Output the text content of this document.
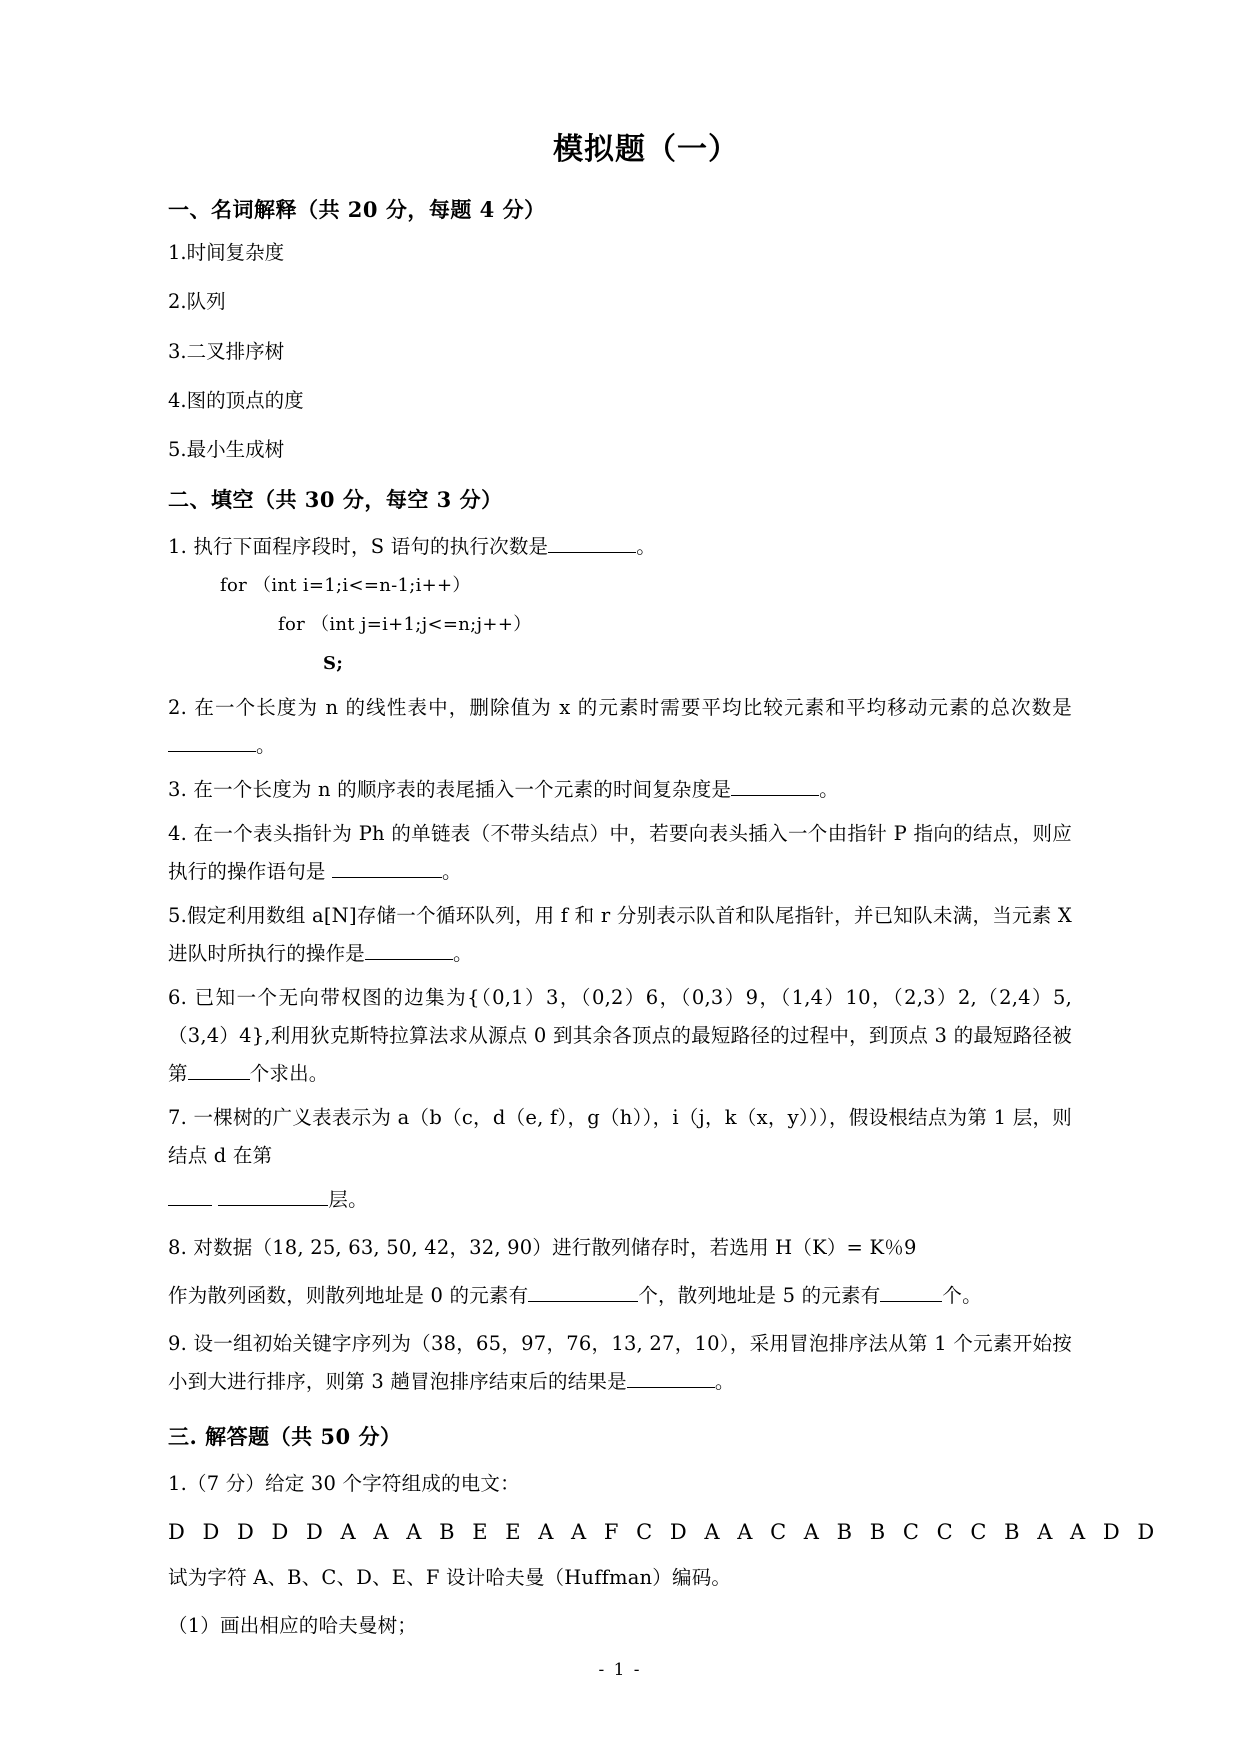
模拟题（一）
一、名词解释（共 20 分，每题 4 分）
1.时间复杂度
2.队列
3.二叉排序树
4.图的顶点的度
5.最小生成树
二、填空（共 30 分，每空 3 分）
1. 执行下面程序段时，S 语句的执行次数是	。
for （int i=1;i<=n-1;i++）
for （int j=i+1;j<=n;j++）
S;
2. 在一个长度为 n 的线性表中，删除值为 x 的元素时需要平均比较元素和平均移动元素的总次数是。
3. 在一个长度为 n 的顺序表的表尾插入一个元素的时间复杂度是	。
4. 在一个表头指针为 Ph 的单链表（不带头结点）中，若要向表头插入一个由指针 P 指向的结点，则应执行的操作语句是	。
5.假定利用数组 a[N]存储一个循环队列，用 f 和 r 分别表示队首和队尾指针，并已知队未满，当元素 X 进队时所执行的操作是	。
6. 已知一个无向带权图的边集为{（0,1）3，（0,2）6，（0,3）9，（1,4）10，（2,3）2,（2,4）5,（3,4）4},利用狄克斯特拉算法求从源点 0 到其余各顶点的最短路径的过程中，到顶点 3 的最短路径被第	个求出。
7. 一棵树的广义表表示为 a（b（c，d（e, f），g（h）），i（j，k（x，y））），假设根结点为第 1 层，则结点 d 在第
层。
8. 对数据（18, 25, 63, 50, 42，32, 90）进行散列储存时，若选用 H（K）= K％9
作为散列函数，则散列地址是 0 的元素有	个，散列地址是 5 的元素有	个。
9. 设一组初始关键字序列为（38，65，97，76，13, 27，10），采用冒泡排序法从第 1 个元素开始按小到大进行排序，则第 3 趟冒泡排序结束后的结果是	。
三. 解答题（共 50 分）
1.（7 分）给定 30 个字符组成的电文：
D D D D D A A A B E E A A F C D A A C A B B C C C B A A D D
试为字符 A、B、C、D、E、F 设计哈夫曼（Huffman）编码。
（1）画出相应的哈夫曼树；
- 1 -
